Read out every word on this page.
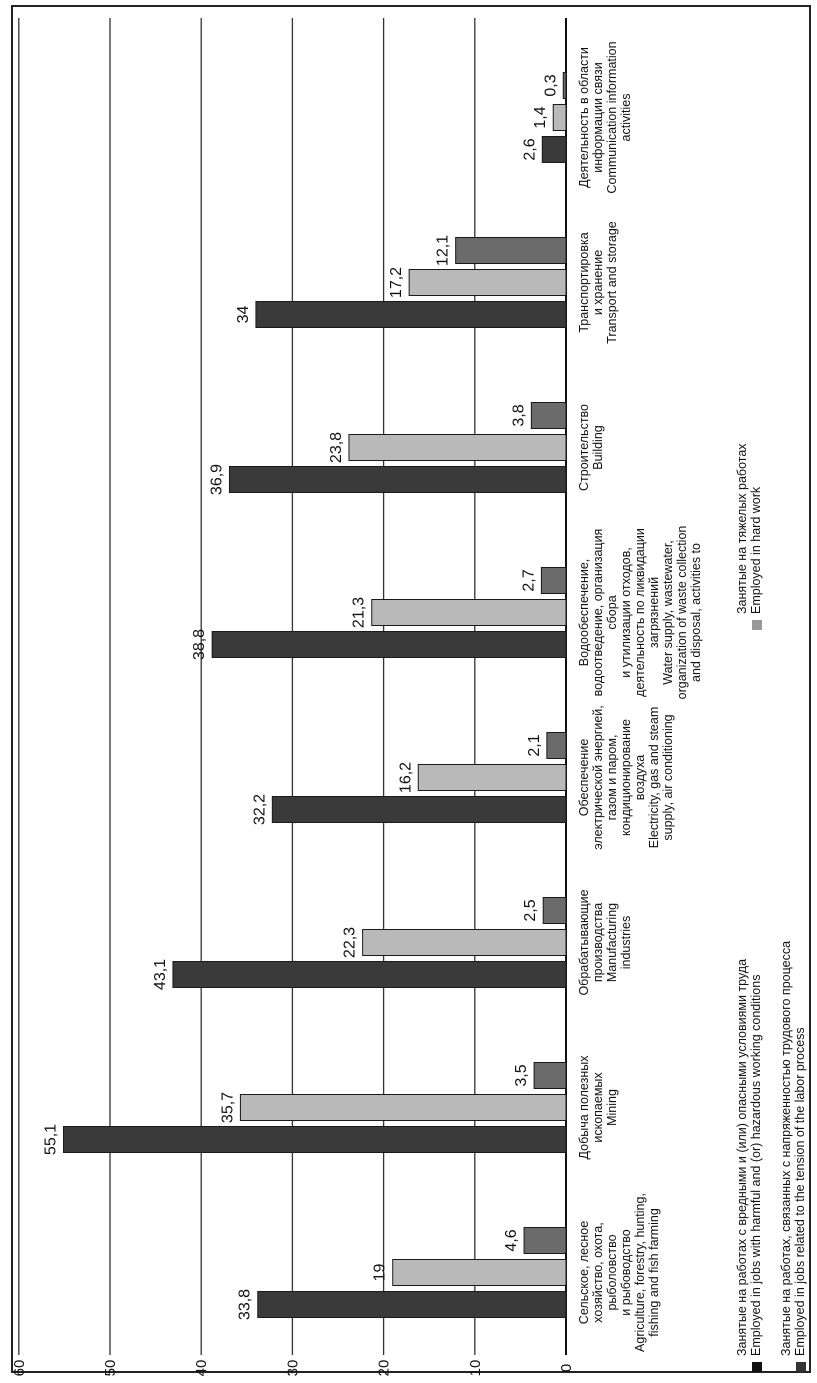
0
10
20
30
40
50
60
33,8
19
4,6	Сельское, лесное хозяйство, охота, рыболовство и рыбоводство Agriculture, forestry, hunting, fishing and fish farming
55,1
35,7
3,5	Добыча полезных ископаемых Mining
43,1
22,3
2,5	Обрабатывающие производства Manufacturing industries
32,2
16,2
2,1	Обеспечение электрической энергией, газом и паром, кондиционирование воздуха Electricity, gas and steam supply, air conditioning
38,8
21,3
2,7	Водообеспечение, водоотведение, организация сбора и утилизации отходов, деятельность по ликвидации загрязнений Water supply, wastewater, organization of waste collection and disposal, activities to
36,9
23,8
3,8	Строительство Building
34
17,2
12,1	Транспортировка и хранение Transport and storage
2,6
1,4
0,3 Деятельность в области информации связи Communication information activities
Занятые на работах с вредными и (или) опасными условиями труда Employed in jobs with harmful and (or) hazardous working conditions
Занятые на тяжелых работах Employed in hard work
Занятые на работах, связанных с напряженностью трудового процесса Employed in jobs related to the tension of the labor process
